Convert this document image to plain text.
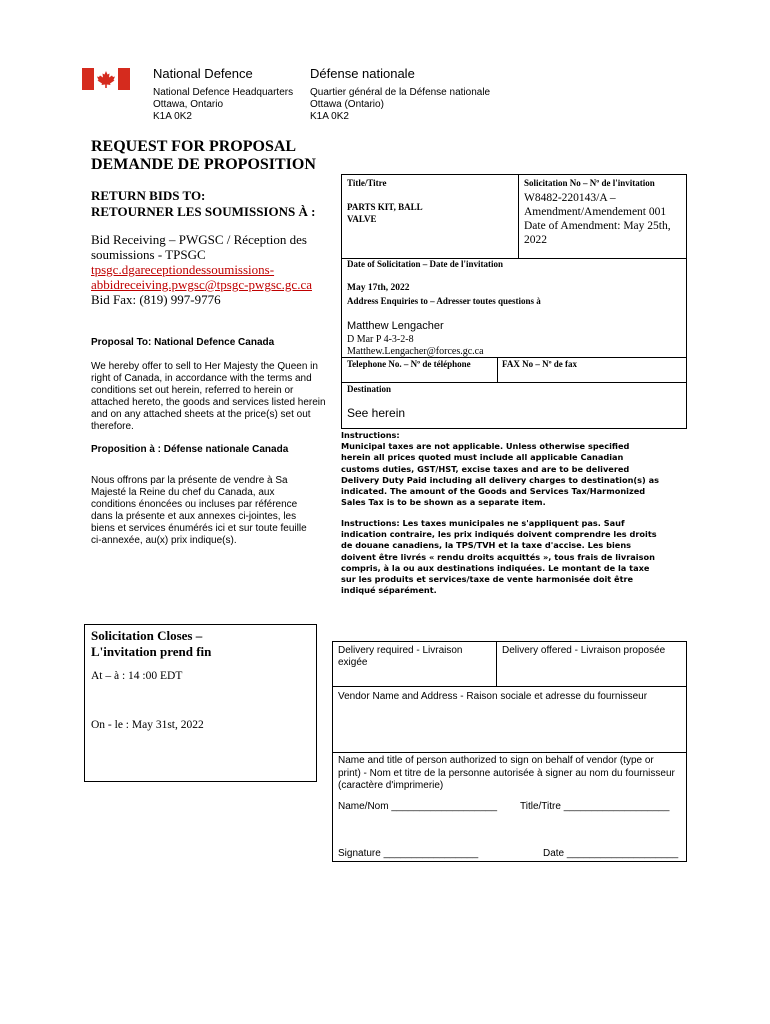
National Defence	Défense nationale
National Defence Headquarters
Ottawa, Ontario
K1A 0K2
Quartier général de la Défense nationale
Ottawa (Ontario)
K1A 0K2
REQUEST FOR PROPOSAL
DEMANDE DE PROPOSITION
RETURN BIDS TO:
RETOURNER LES SOUMISSIONS À :
Bid Receiving – PWGSC / Réception des
soumissions - TPSGC
tpsgc.dgareceptiondessoumissions-
abbidreceiving.pwgsc@tpsgc-pwgsc.gc.ca
Bid Fax: (819) 997-9776
Proposal To: National Defence Canada
We hereby offer to sell to Her Majesty the Queen in
right of Canada, in accordance with the terms and
conditions set out herein, referred to herein or
attached hereto, the goods and services listed herein
and on any attached sheets at the price(s) set out
therefore.
Proposition à : Défense nationale Canada
Nous offrons par la présente de vendre à Sa
Majesté la Reine du chef du Canada, aux
conditions énoncées ou incluses par référence
dans la présente et aux annexes ci-jointes, les
biens et services énumérés ici et sur toute feuille
ci-annexée, au(x) prix indique(s).
Title/Titre
PARTS KIT, BALL
VALVE
Solicitation No – Nº de l'invitation
W8482-220143/A –
Amendment/Amendement 001
Date of Amendment: May 25th,
2022
Date of Solicitation – Date de l'invitation
May 17th, 2022
Address Enquiries to – Adresser toutes questions à
Matthew Lengacher
D Mar P 4-3-2-8
Matthew.Lengacher@forces.gc.ca
Telephone No. – Nº de téléphone	FAX No – Nº de fax
Destination
See herein
Instructions:
Municipal taxes are not applicable. Unless otherwise specified
herein all prices quoted must include all applicable Canadian
customs duties, GST/HST, excise taxes and are to be delivered
Delivery Duty Paid including all delivery charges to destination(s) as
indicated. The amount of the Goods and Services Tax/Harmonized
Sales Tax is to be shown as a separate item.
Instructions: Les taxes municipales ne s'appliquent pas. Sauf
indication contraire, les prix indiqués doivent comprendre les droits
de douane canadiens, la TPS/TVH et la taxe d'accise. Les biens
doivent être livrés « rendu droits acquittés », tous frais de livraison
compris, à la ou aux destinations indiquées. Le montant de la taxe
sur les produits et services/taxe de vente harmonisée doit être
indiqué séparément.
Solicitation Closes –
L'invitation prend fin
At – à : 14 :00 EDT
On - le : May 31st, 2022
Delivery required - Livraison
exigée
Delivery offered - Livraison proposée
Vendor Name and Address - Raison sociale et adresse du fournisseur
Name and title of person authorized to sign on behalf of vendor (type or
print) - Nom et titre de la personne autorisée à signer au nom du fournisseur
(caractère d'imprimerie)
Name/Nom ___________________ Title/Titre ___________________
Signature _________________	Date ____________________
